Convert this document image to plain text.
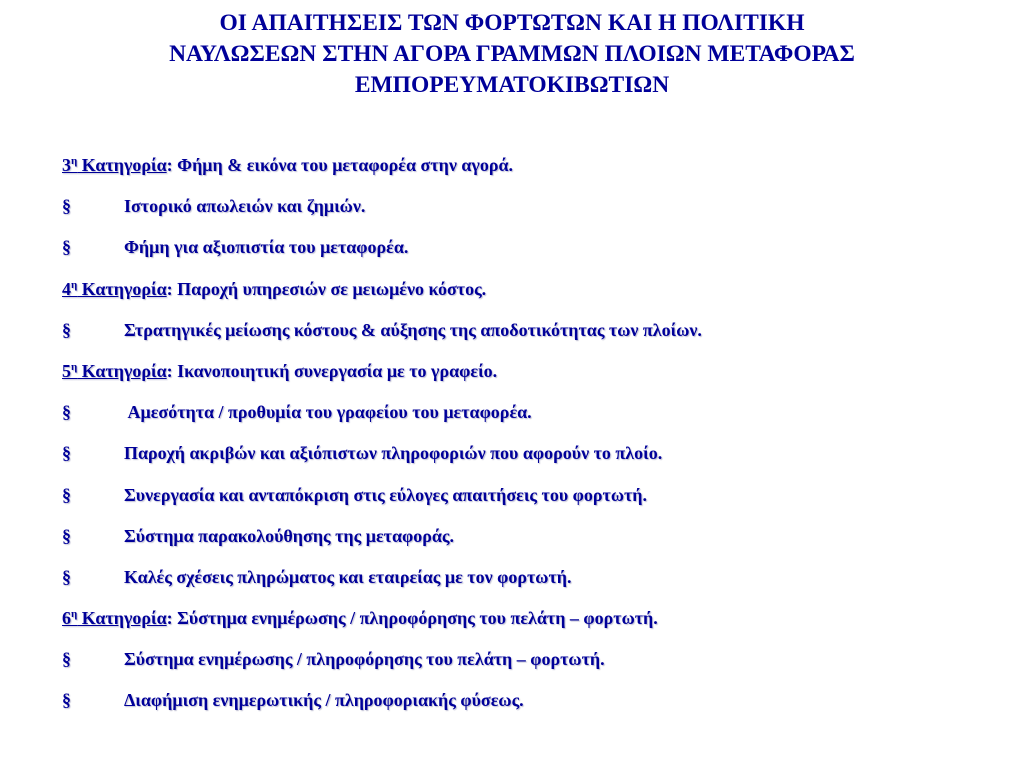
ΟΙ ΑΠΑΙΤΗΣΕΙΣ ΤΩΝ ΦΟΡΤΩΤΩΝ ΚΑΙ Η ΠΟΛΙΤΙΚΗ
ΝΑΥΛΩΣΕΩΝ ΣΤΗΝ ΑΓΟΡΑ ΓΡΑΜΜΩΝ ΠΛΟΙΩΝ ΜΕΤΑΦΟΡΑΣ
ΕΜΠΟΡΕΥΜΑΤΟΚΙΒΩΤΙΩΝ
$3^\eta$ Κατηγορία: Φήμη & εικόνα του μεταφορέα στην αγορά.
§	Ιστορικό απωλειών και ζημιών.
§	Φήμη για αξιοπιστία του μεταφορέα.
$4^\eta$ Κατηγορία: Παροχή υπηρεσιών σε μειωμένο κόστος.
§	Στρατηγικές μείωσης κόστους & αύξησης της αποδοτικότητας των πλοίων.
$5^\eta$ Κατηγορία: Ικανοποιητική συνεργασία με το γραφείο.
§	Αμεσότητα / προθυμία του γραφείου του μεταφορέα.
§	Παροχή ακριβών και αξιόπιστων πληροφοριών που αφορούν το πλοίο.
§	Συνεργασία και ανταπόκριση στις εύλογες απαιτήσεις του φορτωτή.
§	Σύστημα παρακολούθησης της μεταφοράς.
§	Καλές σχέσεις πληρώματος και εταιρείας με τον φορτωτή.
$6^\eta$ Κατηγορία: Σύστημα ενημέρωσης / πληροφόρησης του πελάτη – φορτωτή.
§	Σύστημα ενημέρωσης / πληροφόρησης του πελάτη – φορτωτή.
§	Διαφήμιση ενημερωτικής / πληροφοριακής φύσεως.
